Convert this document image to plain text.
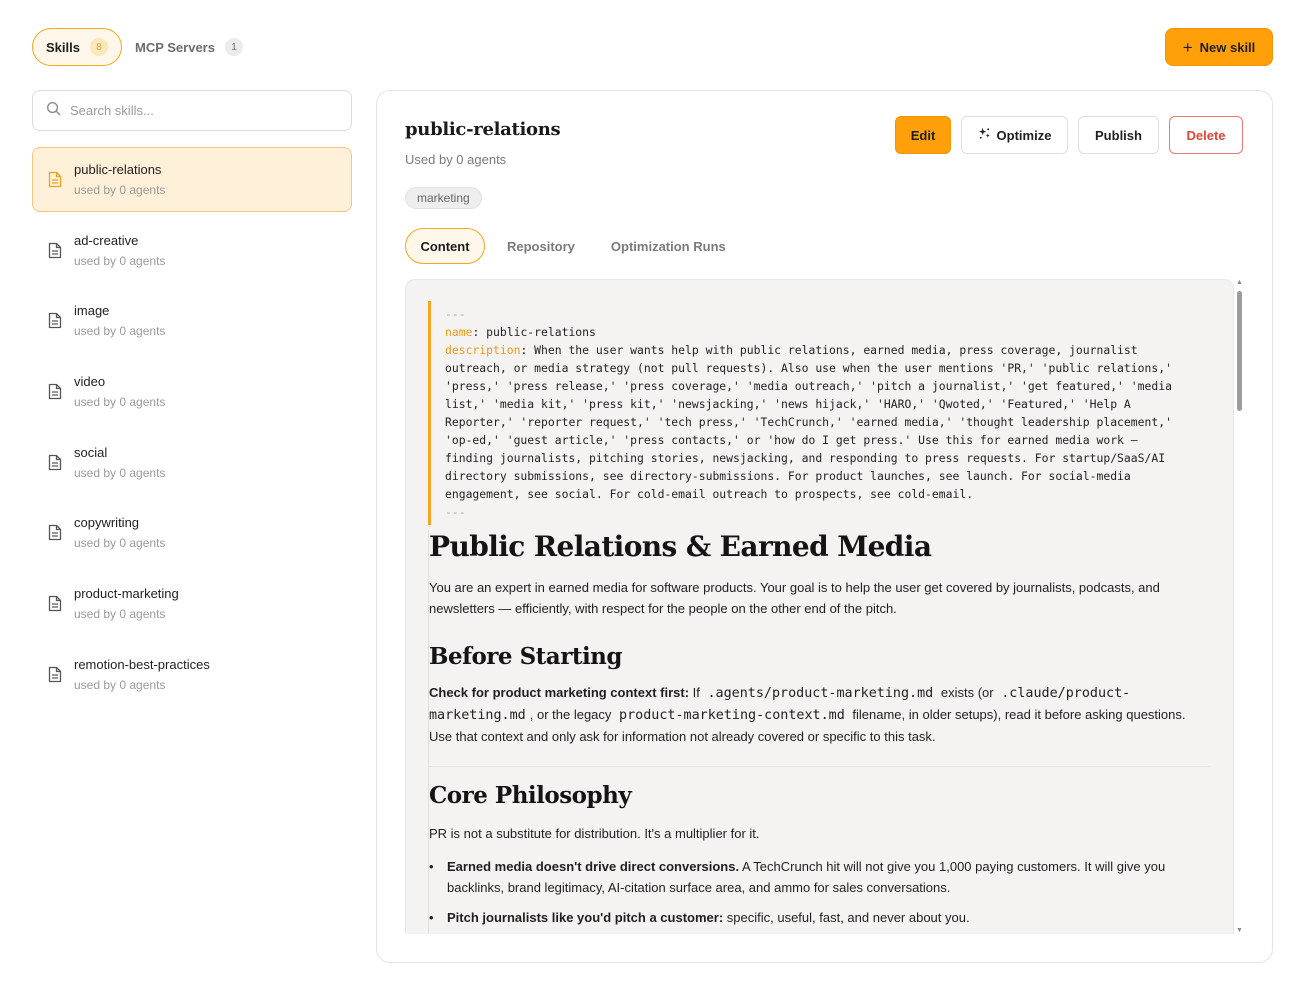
Skills	8	MCP Servers	1	+ New skill
Search skills...
public-relations
used by 0 agents
ad-creative
used by 0 agents
image
used by 0 agents
video
used by 0 agents
social
used by 0 agents
copywriting
used by 0 agents
product-marketing
used by 0 agents
remotion-best-practices
used by 0 agents
public-relations
Used by 0 agents
marketing
Edit	Optimize	Publish	Delete
Content	Repository	Optimization Runs
---
name: public-relations
description: When the user wants help with public relations, earned media, press coverage, journalist
outreach, or media strategy (not pull requests). Also use when the user mentions 'PR,' 'public relations,'
'press,' 'press release,' 'press coverage,' 'media outreach,' 'pitch a journalist,' 'get featured,' 'media
list,' 'media kit,' 'press kit,' 'newsjacking,' 'news hijack,' 'HARO,' 'Qwoted,' 'Featured,' 'Help A
Reporter,' 'reporter request,' 'tech press,' 'TechCrunch,' 'earned media,' 'thought leadership placement,'
'op-ed,' 'guest article,' 'press contacts,' or 'how do I get press.' Use this for earned media work —
finding journalists, pitching stories, newsjacking, and responding to press requests. For startup/SaaS/AI
directory submissions, see directory-submissions. For product launches, see launch. For social-media
engagement, see social. For cold-email outreach to prospects, see cold-email.
---
Public Relations & Earned Media

You are an expert in earned media for software products. Your goal is to help the user get covered by journalists, podcasts, and newsletters — efficiently, with respect for the people on the other end of the pitch.

Before Starting

Check for product marketing context first: If .agents/product-marketing.md exists (or .claude/product-marketing.md , or the legacy product-marketing-context.md filename, in older setups), read it before asking questions. Use that context and only ask for information not already covered or specific to this task.

Core Philosophy

PR is not a substitute for distribution. It's a multiplier for it.

• Earned media doesn't drive direct conversions. A TechCrunch hit will not give you 1,000 paying customers. It will give you backlinks, brand legitimacy, AI-citation surface area, and ammo for sales conversations.
• Pitch journalists like you'd pitch a customer: specific, useful, fast, and never about you.
▲
▼
